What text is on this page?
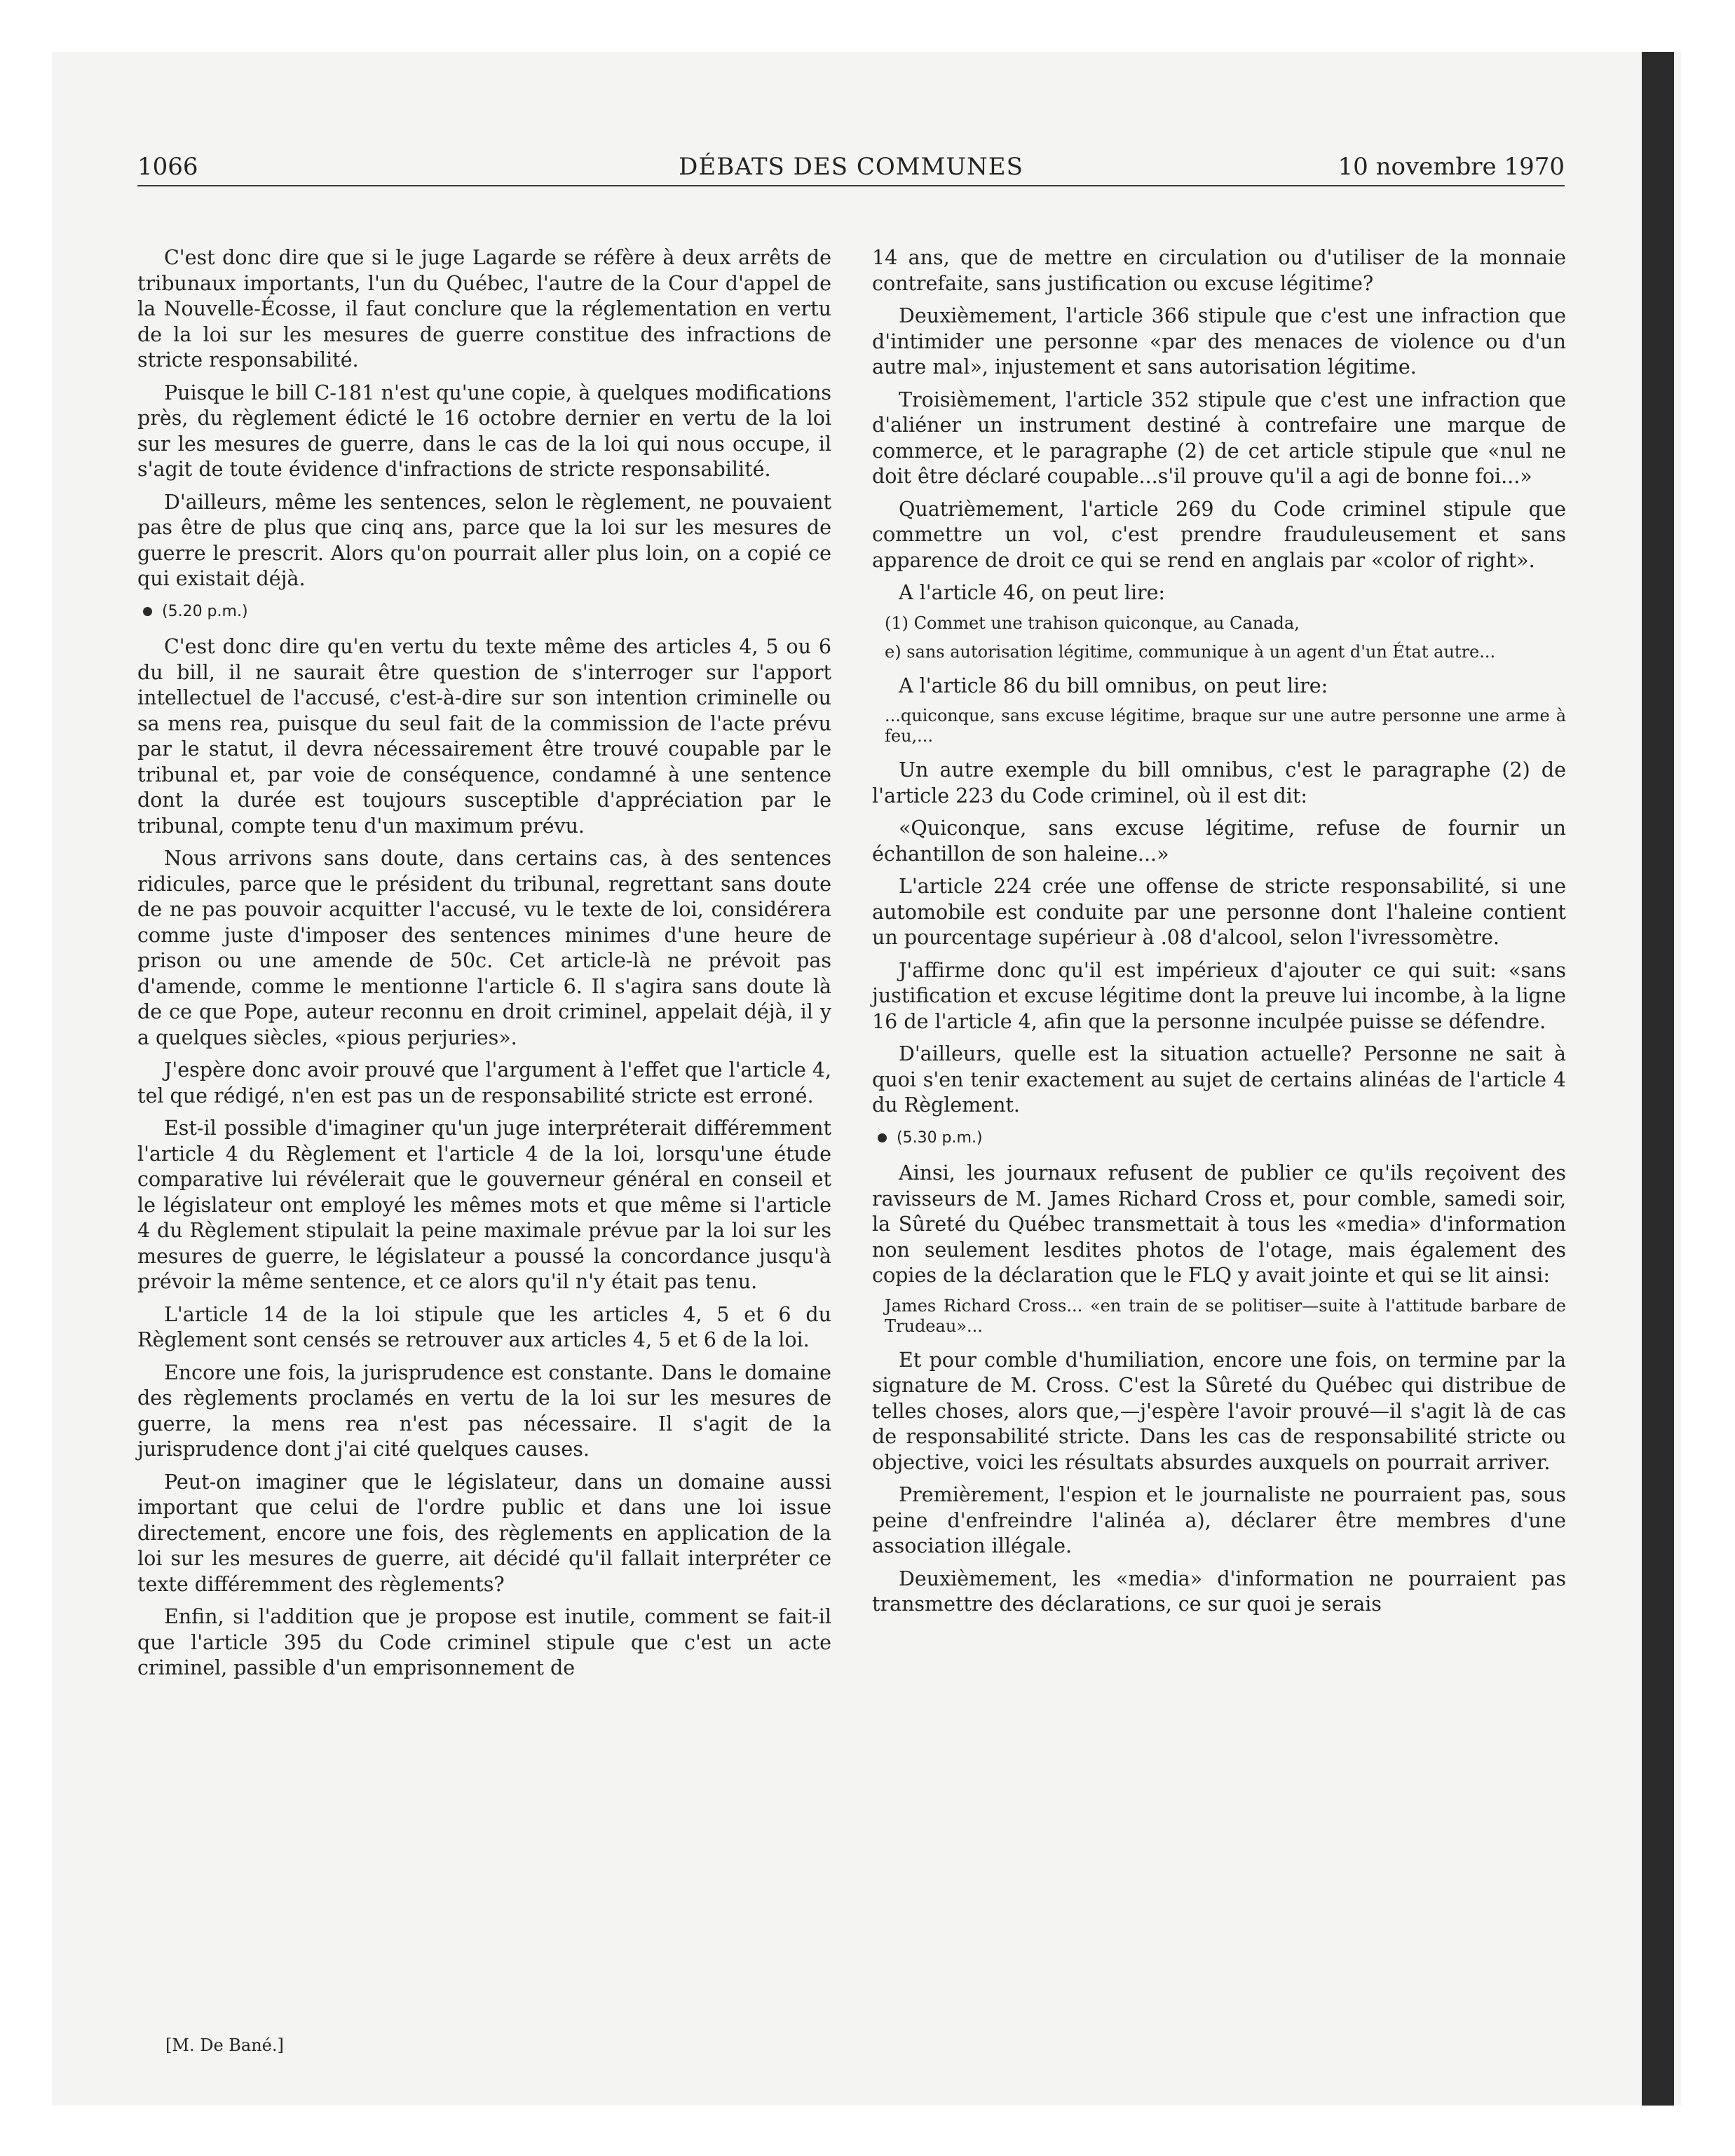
1066	DÉBATS DES COMMUNES	10 novembre 1970

C'est donc dire que si le juge Lagarde se réfère à deux arrêts de tribunaux importants, l'un du Québec, l'autre de la Cour d'appel de la Nouvelle-Écosse, il faut conclure que la réglementation en vertu de la loi sur les mesures de guerre constitue des infractions de stricte responsabilité.

Puisque le bill C-181 n'est qu'une copie, à quelques modifications près, du règlement édicté le 16 octobre dernier en vertu de la loi sur les mesures de guerre, dans le cas de la loi qui nous occupe, il s'agit de toute évidence d'infractions de stricte responsabilité.

D'ailleurs, même les sentences, selon le règlement, ne pouvaient pas être de plus que cinq ans, parce que la loi sur les mesures de guerre le prescrit. Alors qu'on pourrait aller plus loin, on a copié ce qui existait déjà.

(5.20 p.m.)

C'est donc dire qu'en vertu du texte même des articles 4, 5 ou 6 du bill, il ne saurait être question de s'interroger sur l'apport intellectuel de l'accusé, c'est-à-dire sur son intention criminelle ou sa mens rea, puisque du seul fait de la commission de l'acte prévu par le statut, il devra nécessairement être trouvé coupable par le tribunal et, par voie de conséquence, condamné à une sentence dont la durée est toujours susceptible d'appréciation par le tribunal, compte tenu d'un maximum prévu.

Nous arrivons sans doute, dans certains cas, à des sentences ridicules, parce que le président du tribunal, regrettant sans doute de ne pas pouvoir acquitter l'accusé, vu le texte de loi, considérera comme juste d'imposer des sentences minimes d'une heure de prison ou une amende de 50c. Cet article-là ne prévoit pas d'amende, comme le mentionne l'article 6. Il s'agira sans doute là de ce que Pope, auteur reconnu en droit criminel, appelait déjà, il y a quelques siècles, «pious perjuries».

J'espère donc avoir prouvé que l'argument à l'effet que l'article 4, tel que rédigé, n'en est pas un de responsabilité stricte est erroné.

Est-il possible d'imaginer qu'un juge interpréterait différemment l'article 4 du Règlement et l'article 4 de la loi, lorsqu'une étude comparative lui révélerait que le gouverneur général en conseil et le législateur ont employé les mêmes mots et que même si l'article 4 du Règlement stipulait la peine maximale prévue par la loi sur les mesures de guerre, le législateur a poussé la concordance jusqu'à prévoir la même sentence, et ce alors qu'il n'y était pas tenu.

L'article 14 de la loi stipule que les articles 4, 5 et 6 du Règlement sont censés se retrouver aux articles 4, 5 et 6 de la loi.

Encore une fois, la jurisprudence est constante. Dans le domaine des règlements proclamés en vertu de la loi sur les mesures de guerre, la mens rea n'est pas nécessaire. Il s'agit de la jurisprudence dont j'ai cité quelques causes.

Peut-on imaginer que le législateur, dans un domaine aussi important que celui de l'ordre public et dans une loi issue directement, encore une fois, des règlements en application de la loi sur les mesures de guerre, ait décidé qu'il fallait interpréter ce texte différemment des règlements?

Enfin, si l'addition que je propose est inutile, comment se fait-il que l'article 395 du Code criminel stipule que c'est un acte criminel, passible d'un emprisonnement de

[M. De Bané.]

14 ans, que de mettre en circulation ou d'utiliser de la monnaie contrefaite, sans justification ou excuse légitime?

Deuxièmement, l'article 366 stipule que c'est une infraction que d'intimider une personne «par des menaces de violence ou d'un autre mal», injustement et sans autorisation légitime.

Troisièmement, l'article 352 stipule que c'est une infraction que d'aliéner un instrument destiné à contrefaire une marque de commerce, et le paragraphe (2) de cet article stipule que «nul ne doit être déclaré coupable...s'il prouve qu'il a agi de bonne foi...»

Quatrièmement, l'article 269 du Code criminel stipule que commettre un vol, c'est prendre frauduleusement et sans apparence de droit ce qui se rend en anglais par «color of right».

A l'article 46, on peut lire:

(1) Commet une trahison quiconque, au Canada,

e) sans autorisation légitime, communique à un agent d'un État autre...

A l'article 86 du bill omnibus, on peut lire:

...quiconque, sans excuse légitime, braque sur une autre personne une arme à feu,...

Un autre exemple du bill omnibus, c'est le paragraphe (2) de l'article 223 du Code criminel, où il est dit:

«Quiconque, sans excuse légitime, refuse de fournir un échantillon de son haleine...»

L'article 224 crée une offense de stricte responsabilité, si une automobile est conduite par une personne dont l'haleine contient un pourcentage supérieur à .08 d'alcool, selon l'ivressomètre.

J'affirme donc qu'il est impérieux d'ajouter ce qui suit: «sans justification et excuse légitime dont la preuve lui incombe, à la ligne 16 de l'article 4, afin que la personne inculpée puisse se défendre.

D'ailleurs, quelle est la situation actuelle? Personne ne sait à quoi s'en tenir exactement au sujet de certains alinéas de l'article 4 du Règlement.

(5.30 p.m.)

Ainsi, les journaux refusent de publier ce qu'ils reçoivent des ravisseurs de M. James Richard Cross et, pour comble, samedi soir, la Sûreté du Québec transmettait à tous les «media» d'information non seulement lesdites photos de l'otage, mais également des copies de la déclaration que le FLQ y avait jointe et qui se lit ainsi:

James Richard Cross... «en train de se politiser—suite à l'attitude barbare de Trudeau»...

Et pour comble d'humiliation, encore une fois, on termine par la signature de M. Cross. C'est la Sûreté du Québec qui distribue de telles choses, alors que,—j'espère l'avoir prouvé—il s'agit là de cas de responsabilité stricte. Dans les cas de responsabilité stricte ou objective, voici les résultats absurdes auxquels on pourrait arriver.

Premièrement, l'espion et le journaliste ne pourraient pas, sous peine d'enfreindre l'alinéa a), déclarer être membres d'une association illégale.

Deuxièmement, les «media» d'information ne pourraient pas transmettre des déclarations, ce sur quoi je serais
